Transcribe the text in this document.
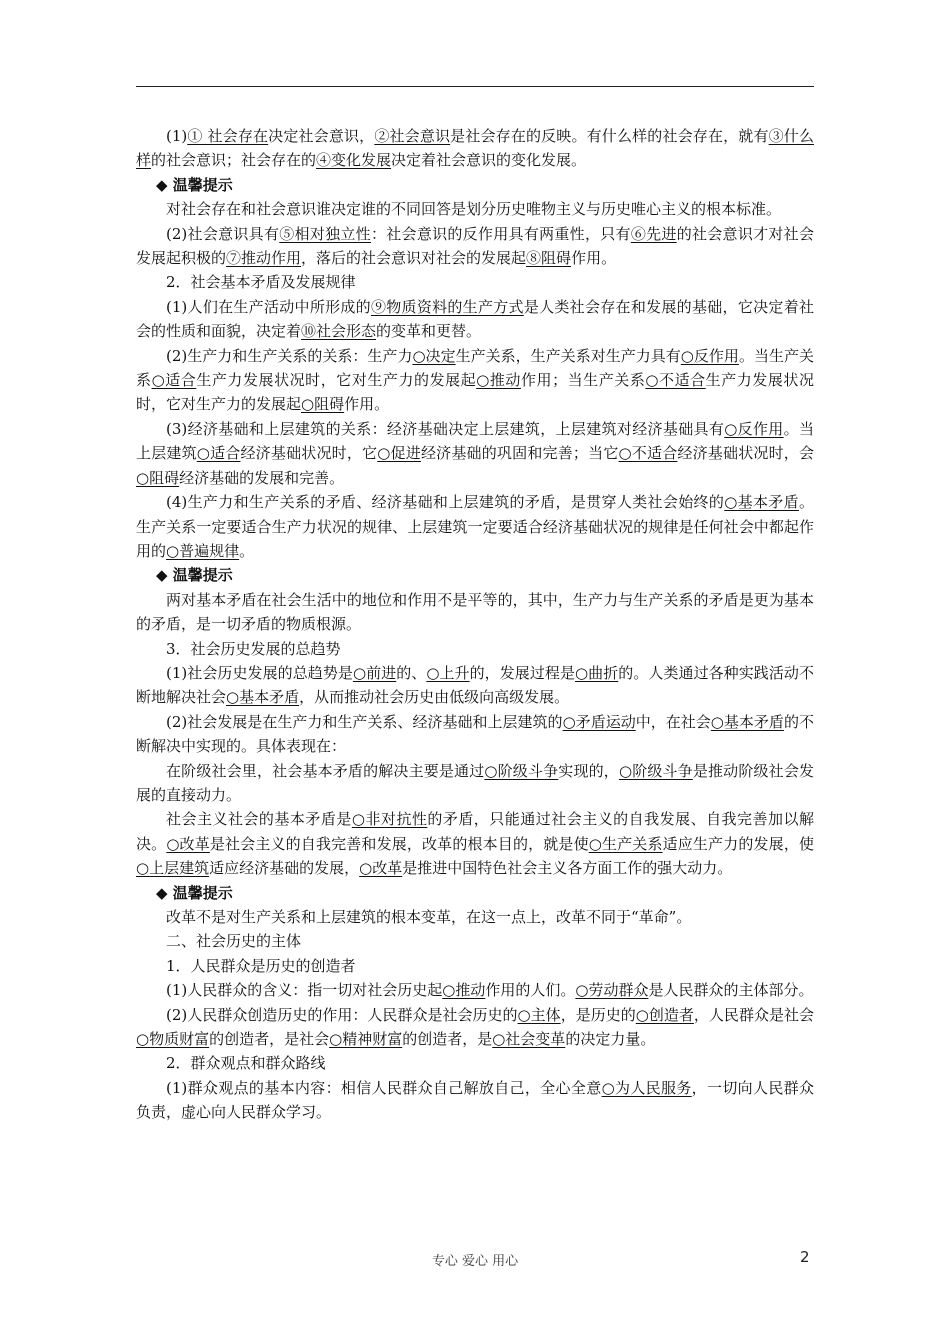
(1)① 社会存在决定社会意识，②社会意识是社会存在的反映。有什么样的社会存在，就有③什么样的社会意识；社会存在的④变化发展决定着社会意识的变化发展。

◆ 温馨提示

对社会存在和社会意识谁决定谁的不同回答是划分历史唯物主义与历史唯心主义的根本标准。

(2)社会意识具有⑤相对独立性：社会意识的反作用具有两重性，只有⑥先进的社会意识才对社会发展起积极的⑦推动作用，落后的社会意识对社会的发展起⑧阻碍作用。

2．社会基本矛盾及发展规律

(1)人们在生产活动中所形成的⑨物质资料的生产方式是人类社会存在和发展的基础，它决定着社会的性质和面貌，决定着⑩社会形态的变革和更替。

(2)生产力和生产关系的关系：生产力○决定生产关系，生产关系对生产力具有○反作用。当生产关系○适合生产力发展状况时，它对生产力的发展起○推动作用；当生产关系○不适合生产力发展状况时，它对生产力的发展起○阻碍作用。

(3)经济基础和上层建筑的关系：经济基础决定上层建筑，上层建筑对经济基础具有○反作用。当上层建筑○适合经济基础状况时，它○促进经济基础的巩固和完善；当它○不适合经济基础状况时，会○阻碍经济基础的发展和完善。

(4)生产力和生产关系的矛盾、经济基础和上层建筑的矛盾，是贯穿人类社会始终的○基本矛盾。生产关系一定要适合生产力状况的规律、上层建筑一定要适合经济基础状况的规律是任何社会中都起作用的○普遍规律。

◆ 温馨提示

两对基本矛盾在社会生活中的地位和作用不是平等的，其中，生产力与生产关系的矛盾是更为基本的矛盾，是一切矛盾的物质根源。

3．社会历史发展的总趋势

(1)社会历史发展的总趋势是○前进的、○上升的，发展过程是○曲折的。人类通过各种实践活动不断地解决社会○基本矛盾，从而推动社会历史由低级向高级发展。

(2)社会发展是在生产力和生产关系、经济基础和上层建筑的○矛盾运动中，在社会○基本矛盾的不断解决中实现的。具体表现在：

在阶级社会里，社会基本矛盾的解决主要是通过○阶级斗争实现的，○阶级斗争是推动阶级社会发展的直接动力。

社会主义社会的基本矛盾是○非对抗性的矛盾，只能通过社会主义的自我发展、自我完善加以解决。○改革是社会主义的自我完善和发展，改革的根本目的，就是使○生产关系适应生产力的发展，使○上层建筑适应经济基础的发展，○改革是推进中国特色社会主义各方面工作的强大动力。

◆ 温馨提示

改革不是对生产关系和上层建筑的根本变革，在这一点上，改革不同于“革命”。

二、社会历史的主体

1．人民群众是历史的创造者

(1)人民群众的含义：指一切对社会历史起○推动作用的人们。○劳动群众是人民群众的主体部分。

(2)人民群众创造历史的作用：人民群众是社会历史的○主体，是历史的○创造者，人民群众是社会○物质财富的创造者，是社会○精神财富的创造者，是○社会变革的决定力量。

2．群众观点和群众路线

(1)群众观点的基本内容：相信人民群众自己解放自己，全心全意○为人民服务，一切向人民群众负责，虚心向人民群众学习。

专心 爱心 用心	2
